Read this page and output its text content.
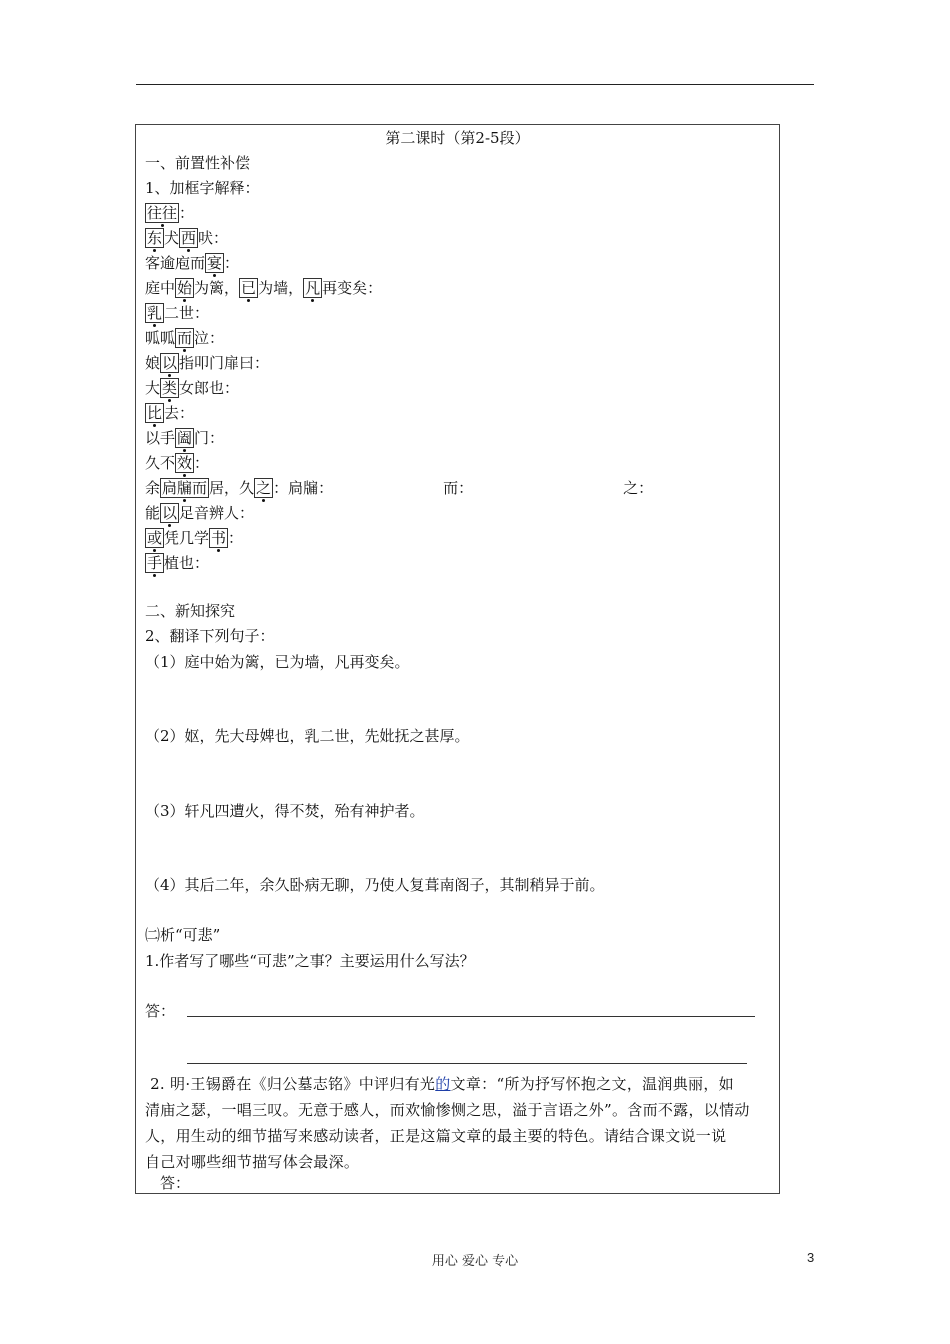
第二课时（第2-5段）
一、前置性补偿
1、加框字解释：
往往 ：
东 犬 西 吠：
客逾庖而 宴 ：
庭中 始 为篱， 已 为墙， 凡 再变矣：
乳 二世：
呱呱 而 泣：
娘 以 指叩门扉曰：
大 类 女郎也：
比 去：
以手 阖 门：
久不 效 ：
余 扃牖而 居，久 之 ：扃牖：	而：	之：
能 以 足音辨人：
或 凭几学 书 ：
手 植也：
二、新知探究
2、翻译下列句子：
（1）庭中始为篱，已为墙，凡再变矣。
（2）妪，先大母婢也，乳二世，先妣抚之甚厚。
（3）轩凡四遭火，得不焚，殆有神护者。
（4）其后二年，余久卧病无聊，乃使人复葺南阁子，其制稍异于前。
㈡析“可悲”
1.作者写了哪些“可悲”之事？主要运用什么写法？
答：
2. 明·王锡爵在《归公墓志铭》中评归有光的文章：“所为抒写怀抱之文，温润典丽，如
清庙之瑟，一唱三叹。无意于感人，而欢愉惨恻之思，溢于言语之外”。含而不露，以情动
人，用生动的细节描写来感动读者，正是这篇文章的最主要的特色。请结合课文说一说
自己对哪些细节描写体会最深。
答：
用心 爱心 专心	3
